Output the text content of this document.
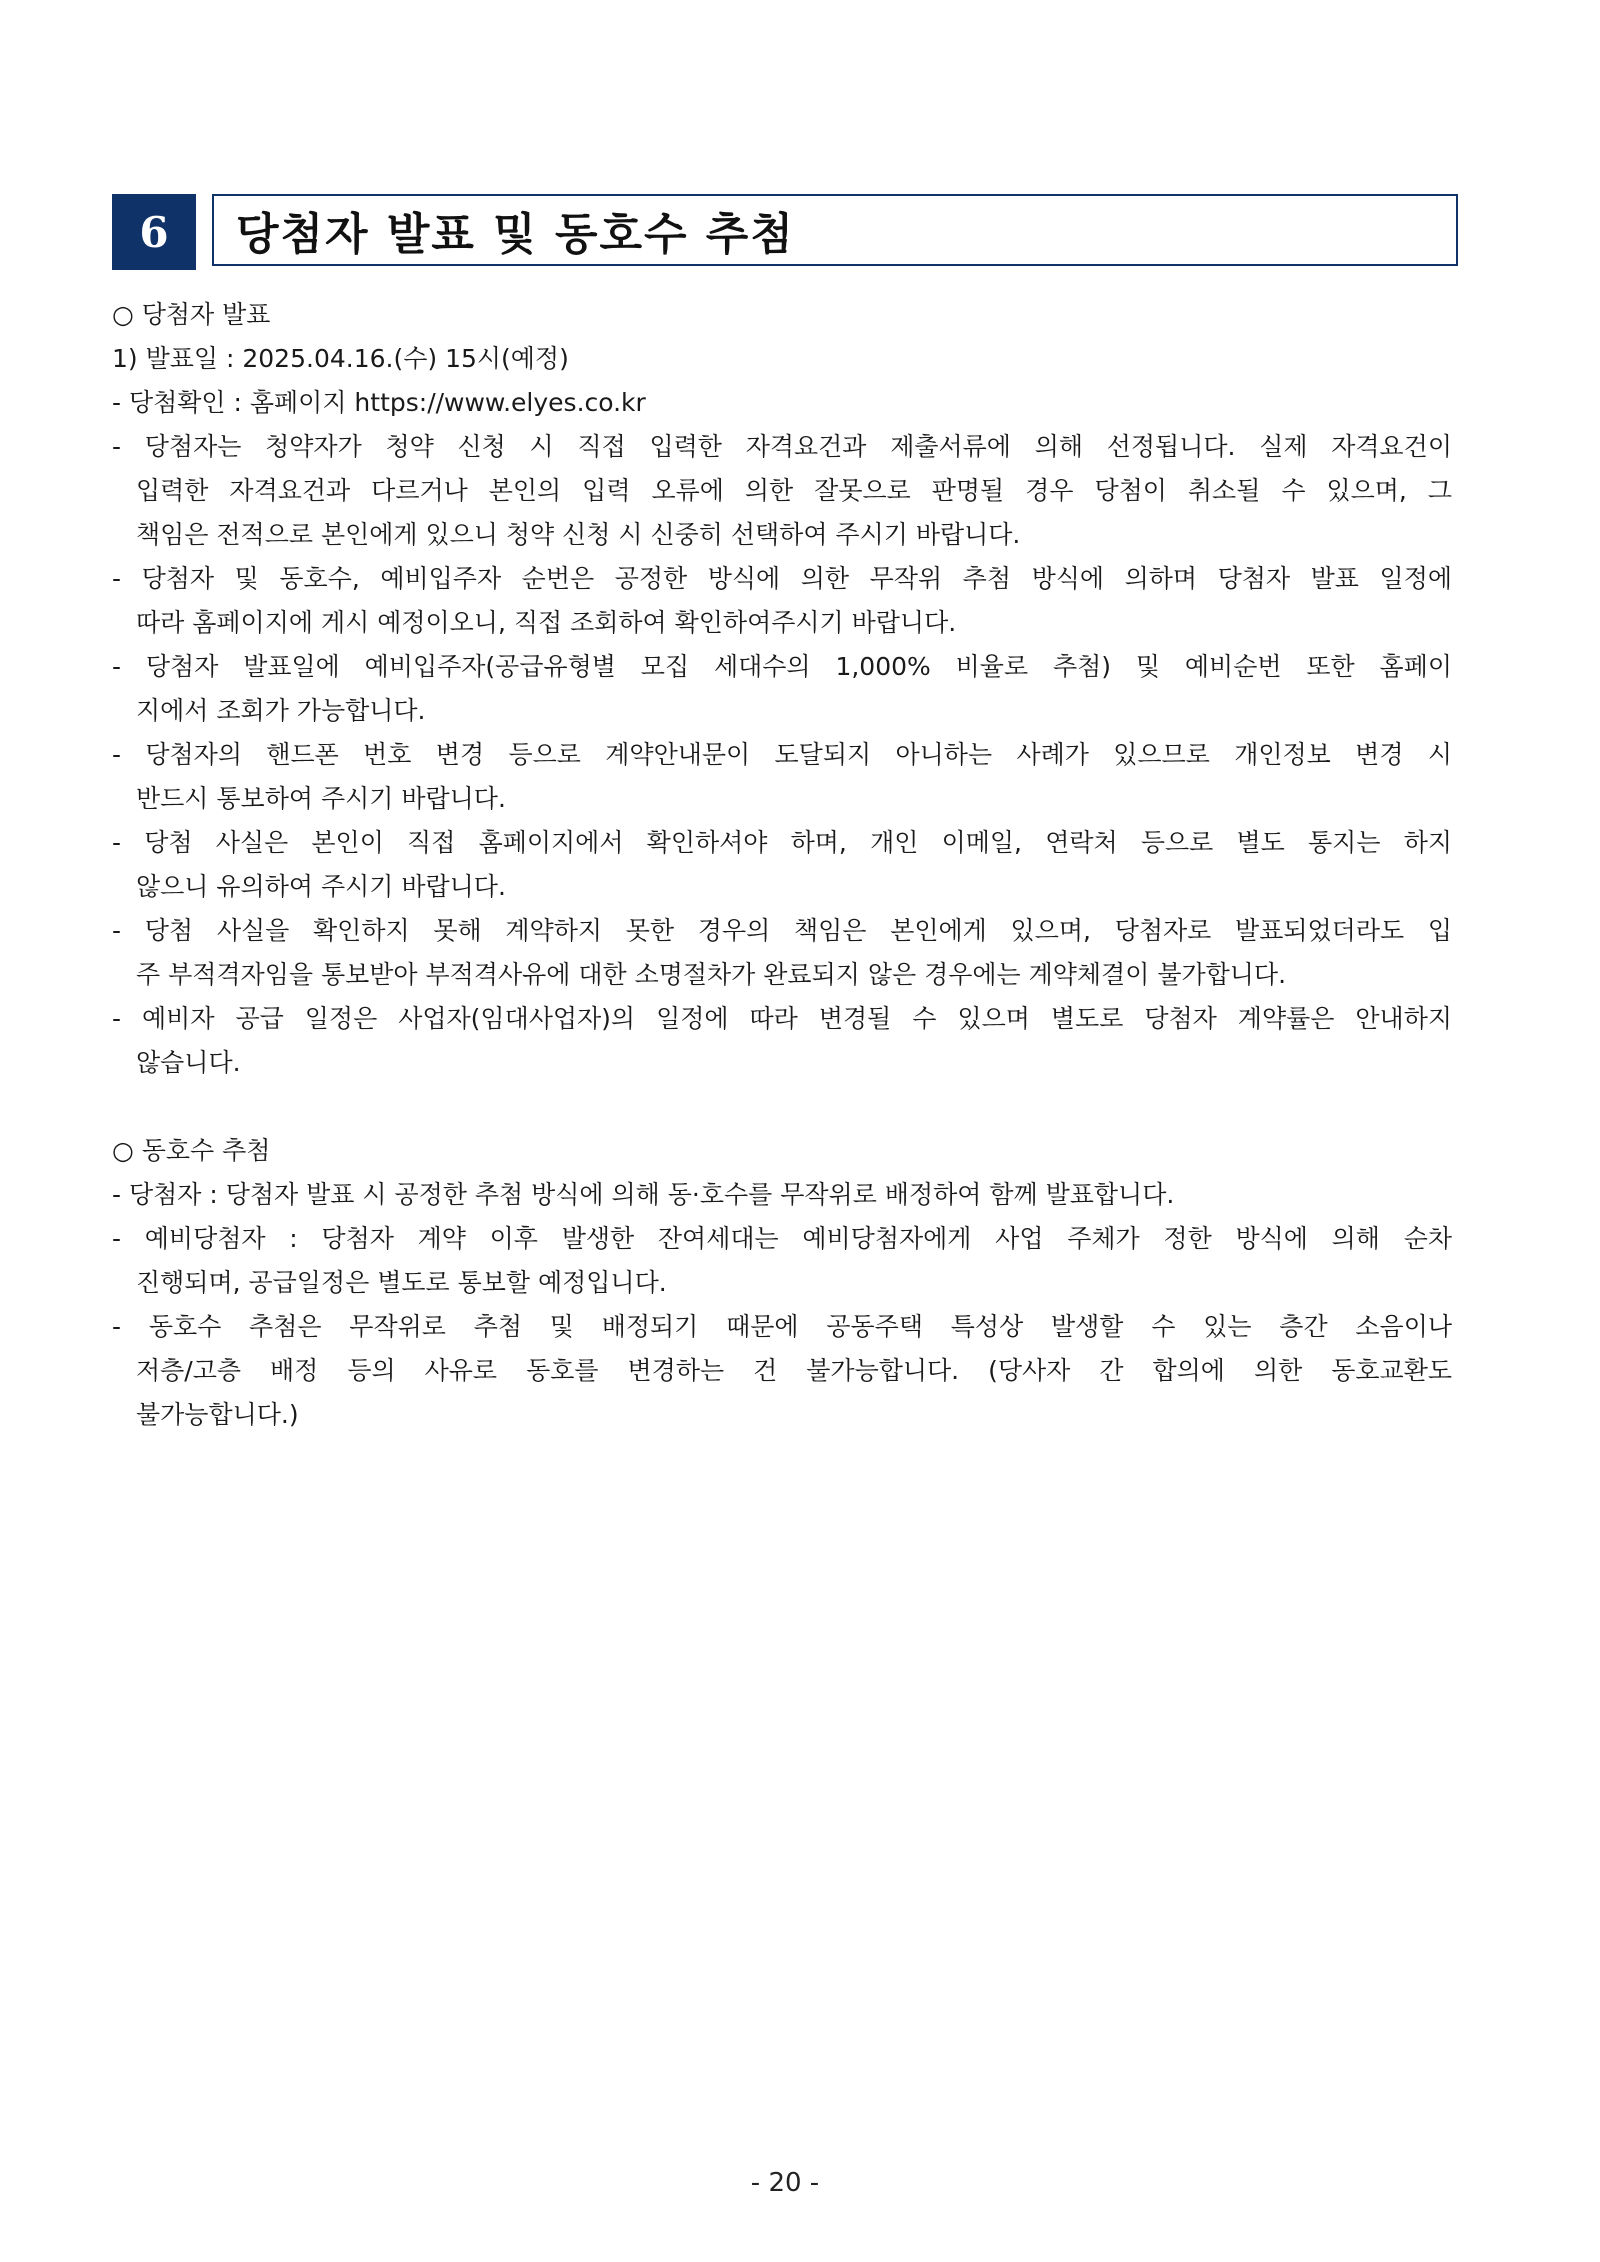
6	당첨자 발표 및 동호수 추첨
○ 당첨자 발표
1) 발표일 : 2025.04.16.(수) 15시(예정)
- 당첨확인 : 홈페이지 https://www.elyes.co.kr
- 당첨자는 청약자가 청약 신청 시 직접 입력한 자격요건과 제출서류에 의해 선정됩니다. 실제 자격요건이
입력한 자격요건과 다르거나 본인의 입력 오류에 의한 잘못으로 판명될 경우 당첨이 취소될 수 있으며, 그
책임은 전적으로 본인에게 있으니 청약 신청 시 신중히 선택하여 주시기 바랍니다.
- 당첨자 및 동호수, 예비입주자 순번은 공정한 방식에 의한 무작위 추첨 방식에 의하며 당첨자 발표 일정에
따라 홈페이지에 게시 예정이오니, 직접 조회하여 확인하여주시기 바랍니다.
- 당첨자 발표일에 예비입주자(공급유형별 모집 세대수의 1,000% 비율로 추첨) 및 예비순번 또한 홈페이
지에서 조회가 가능합니다.
- 당첨자의 핸드폰 번호 변경 등으로 계약안내문이 도달되지 아니하는 사례가 있으므로 개인정보 변경 시
반드시 통보하여 주시기 바랍니다.
- 당첨 사실은 본인이 직접 홈페이지에서 확인하셔야 하며, 개인 이메일, 연락처 등으로 별도 통지는 하지
않으니 유의하여 주시기 바랍니다.
- 당첨 사실을 확인하지 못해 계약하지 못한 경우의 책임은 본인에게 있으며, 당첨자로 발표되었더라도 입
주 부적격자임을 통보받아 부적격사유에 대한 소명절차가 완료되지 않은 경우에는 계약체결이 불가합니다.
- 예비자 공급 일정은 사업자(임대사업자)의 일정에 따라 변경될 수 있으며 별도로 당첨자 계약률은 안내하지
않습니다.
○ 동호수 추첨
- 당첨자 : 당첨자 발표 시 공정한 추첨 방식에 의해 동·호수를 무작위로 배정하여 함께 발표합니다.
- 예비당첨자 : 당첨자 계약 이후 발생한 잔여세대는 예비당첨자에게 사업 주체가 정한 방식에 의해 순차
진행되며, 공급일정은 별도로 통보할 예정입니다.
- 동호수 추첨은 무작위로 추첨 및 배정되기 때문에 공동주택 특성상 발생할 수 있는 층간 소음이나
저층/고층 배정 등의 사유로 동호를 변경하는 건 불가능합니다. (당사자 간 합의에 의한 동호교환도
불가능합니다.)
- 20 -
